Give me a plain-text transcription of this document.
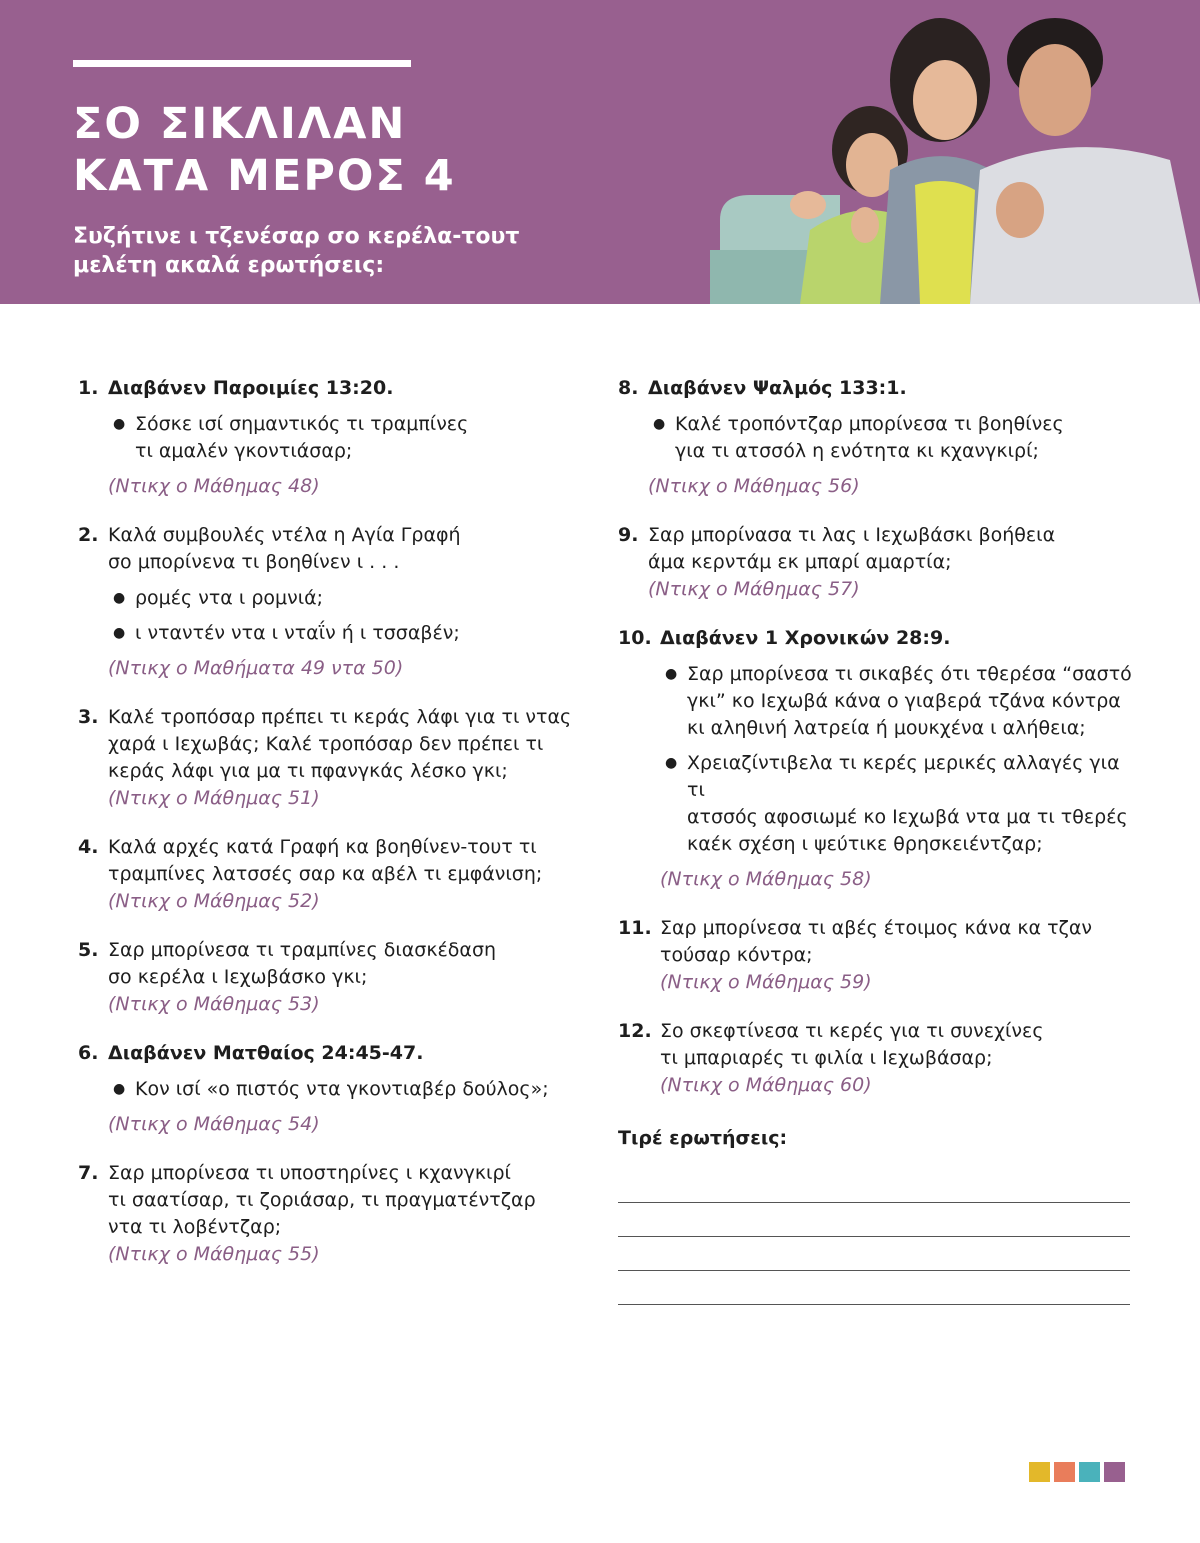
ΣΟ ΣΙΚΛΙΛΑΝ
ΚΑΤΑ ΜΕΡΟΣ 4
Συζήτινε ι τζενέσαρ σο κερέλα-τουτ
μελέτη ακαλά ερωτήσεις:
1. Διαβάνεν Παροιμίες 13:20.
● Σόσκε ισί σημαντικός τι τραμπίνες
τι αμαλέν γκοντιάσαρ;
(Ντικχ ο Μάθημας 48)
2. Καλά συμβουλές ντέλα η Αγία Γραφή
σο μπορίνενα τι βοηθίνεν ι . . .
● ρομές ντα ι ρομνιά;
● ι νταντέν ντα ι νταΐν ή ι τσσαβέν;
(Ντικχ ο Μαθήματα 49 ντα 50)
3. Καλέ τροπόσαρ πρέπει τι κεράς λάφι για τι ντας
χαρά ι Ιεχωβάς; Καλέ τροπόσαρ δεν πρέπει τι
κεράς λάφι για μα τι πφανγκάς λέσκο γκι;
(Ντικχ ο Μάθημας 51)
4. Καλά αρχές κατά Γραφή κα βοηθίνεν-τουτ τι
τραμπίνες λατσσές σαρ κα αβέλ τι εμφάνιση;
(Ντικχ ο Μάθημας 52)
5. Σαρ μπορίνεσα τι τραμπίνες διασκέδαση
σο κερέλα ι Ιεχωβάσκο γκι;
(Ντικχ ο Μάθημας 53)
6. Διαβάνεν Ματθαίος 24:45-47.
● Κον ισί «ο πιστός ντα γκοντιαβέρ δούλος»;
(Ντικχ ο Μάθημας 54)
7. Σαρ μπορίνεσα τι υποστηρίνες ι κχανγκιρί
τι σαατίσαρ, τι ζοριάσαρ, τι πραγματέντζαρ
ντα τι λοβέντζαρ;
(Ντικχ ο Μάθημας 55)
8. Διαβάνεν Ψαλμός 133:1.
● Καλέ τροπόντζαρ μπορίνεσα τι βοηθίνες
για τι ατσσόλ η ενότητα κι κχανγκιρί;
(Ντικχ ο Μάθημας 56)
9. Σαρ μπορίνασα τι λας ι Ιεχωβάσκι βοήθεια
άμα κερντάμ εκ μπαρί αμαρτία;
(Ντικχ ο Μάθημας 57)
10. Διαβάνεν 1 Χρονικών 28:9.
● Σαρ μπορίνεσα τι σικαβές ότι τθερέσα “σαστό
γκι” κο Ιεχωβά κάνα ο γιαβερά τζάνα κόντρα
κι αληθινή λατρεία ή μουκχένα ι αλήθεια;
● Χρειαζίντιβελα τι κερές μερικές αλλαγές για τι
ατσσός αφοσιωμέ κο Ιεχωβά ντα μα τι τθερές
καέκ σχέση ι ψεύτικε θρησκειέντζαρ;
(Ντικχ ο Μάθημας 58)
11. Σαρ μπορίνεσα τι αβές έτοιμος κάνα κα τζαν
τούσαρ κόντρα;
(Ντικχ ο Μάθημας 59)
12. Σο σκεφτίνεσα τι κερές για τι συνεχίνες
τι μπαριαρές τι φιλία ι Ιεχωβάσαρ;
(Ντικχ ο Μάθημας 60)
Τιρέ ερωτήσεις:
